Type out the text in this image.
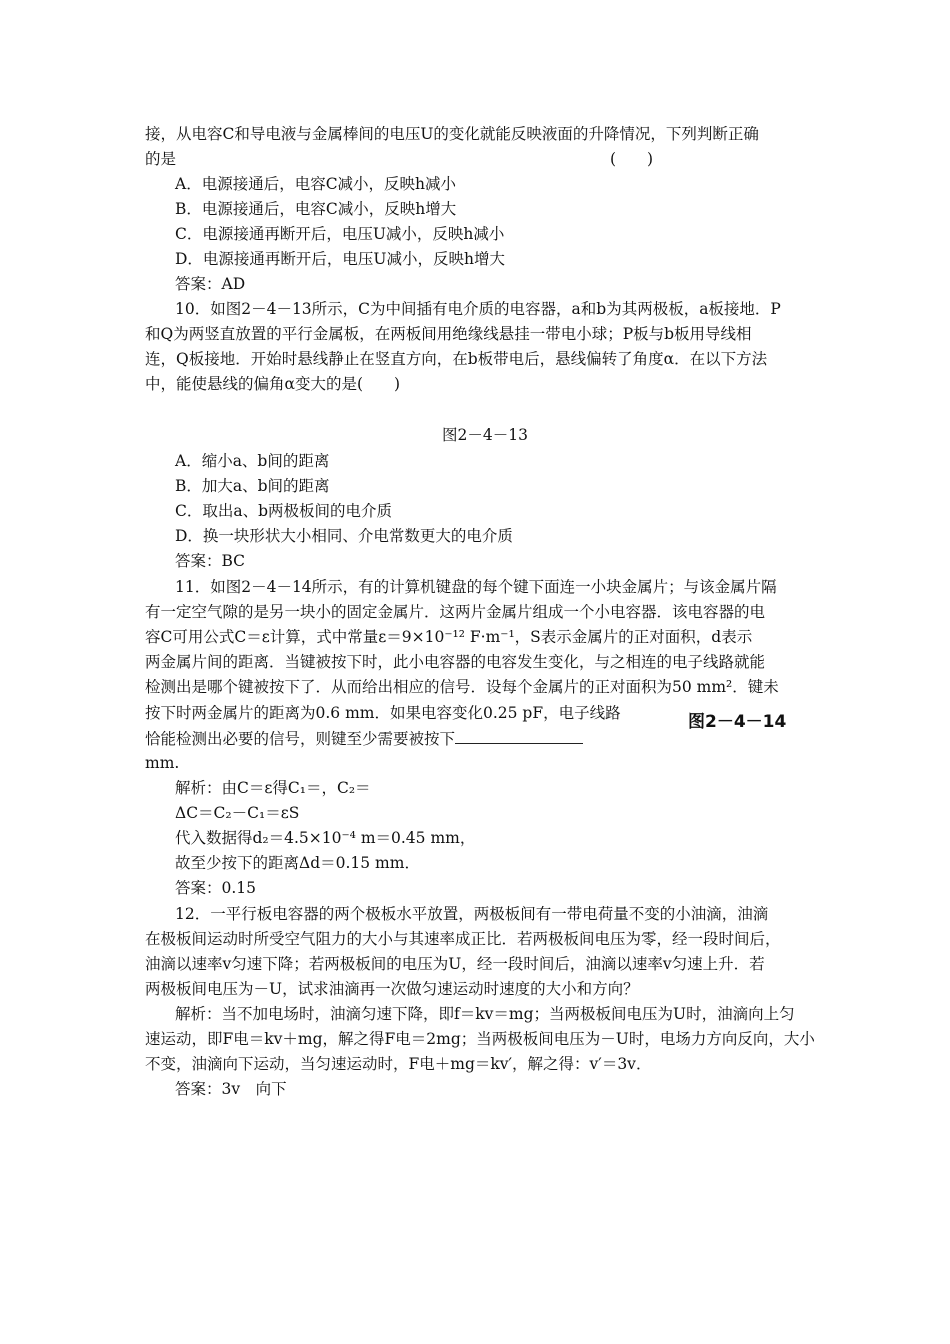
接，从电容C和导电液与金属棒间的电压U的变化就能反映液面的升降情况，下列判断正确
的是　　　　　　　　　　　　　　　　　　　　　　　　　　　　(　　)
A．电源接通后，电容C减小，反映h减小
B．电源接通后，电容C减小，反映h增大
C．电源接通再断开后，电压U减小，反映h减小
D．电源接通再断开后，电压U减小，反映h增大
答案：AD
10．如图2－4－13所示，C为中间插有电介质的电容器，a和b为其两极板，a板接地．P
和Q为两竖直放置的平行金属板，在两板间用绝缘线悬挂一带电小球；P板与b板用导线相
连，Q板接地．开始时悬线静止在竖直方向，在b板带电后，悬线偏转了角度α．在以下方法
中，能使悬线的偏角α变大的是(　　)
图2－4－13
A．缩小a、b间的距离
B．加大a、b间的距离
C．取出a、b两极板间的电介质
D．换一块形状大小相同、介电常数更大的电介质
答案：BC
11．如图2－4－14所示，有的计算机键盘的每个键下面连一小块金属片；与该金属片隔
有一定空气隙的是另一块小的固定金属片．这两片金属片组成一个小电容器．该电容器的电
容C可用公式C＝ε计算，式中常量ε＝9×10⁻¹² F·m⁻¹，S表示金属片的正对面积，d表示
两金属片间的距离．当键被按下时，此小电容器的电容发生变化，与之相连的电子线路就能
检测出是哪个键被按下了．从而给出相应的信号．设每个金属片的正对面积为50 mm²．键未
按下时两金属片的距离为0.6 mm．如果电容变化0.25 pF，电子线路
恰能检测出必要的信号，则键至少需要被按下
mm.
图2－4－14
解析：由C＝ε得C₁＝，C₂＝
ΔC＝C₂－C₁＝εS
代入数据得d₂＝4.5×10⁻⁴ m＝0.45 mm，
故至少按下的距离Δd＝0.15 mm．
答案：0.15
12．一平行板电容器的两个极板水平放置，两极板间有一带电荷量不变的小油滴，油滴
在极板间运动时所受空气阻力的大小与其速率成正比．若两极板间电压为零，经一段时间后，
油滴以速率v匀速下降；若两极板间的电压为U，经一段时间后，油滴以速率v匀速上升．若
两极板间电压为－U，试求油滴再一次做匀速运动时速度的大小和方向？
解析：当不加电场时，油滴匀速下降，即f＝kv＝mg；当两极板间电压为U时，油滴向上匀
速运动，即F电＝kv＋mg，解之得F电＝2mg；当两极板间电压为－U时，电场力方向反向，大小
不变，油滴向下运动，当匀速运动时，F电＋mg＝kv′，解之得：v′＝3v．
答案：3v　向下
